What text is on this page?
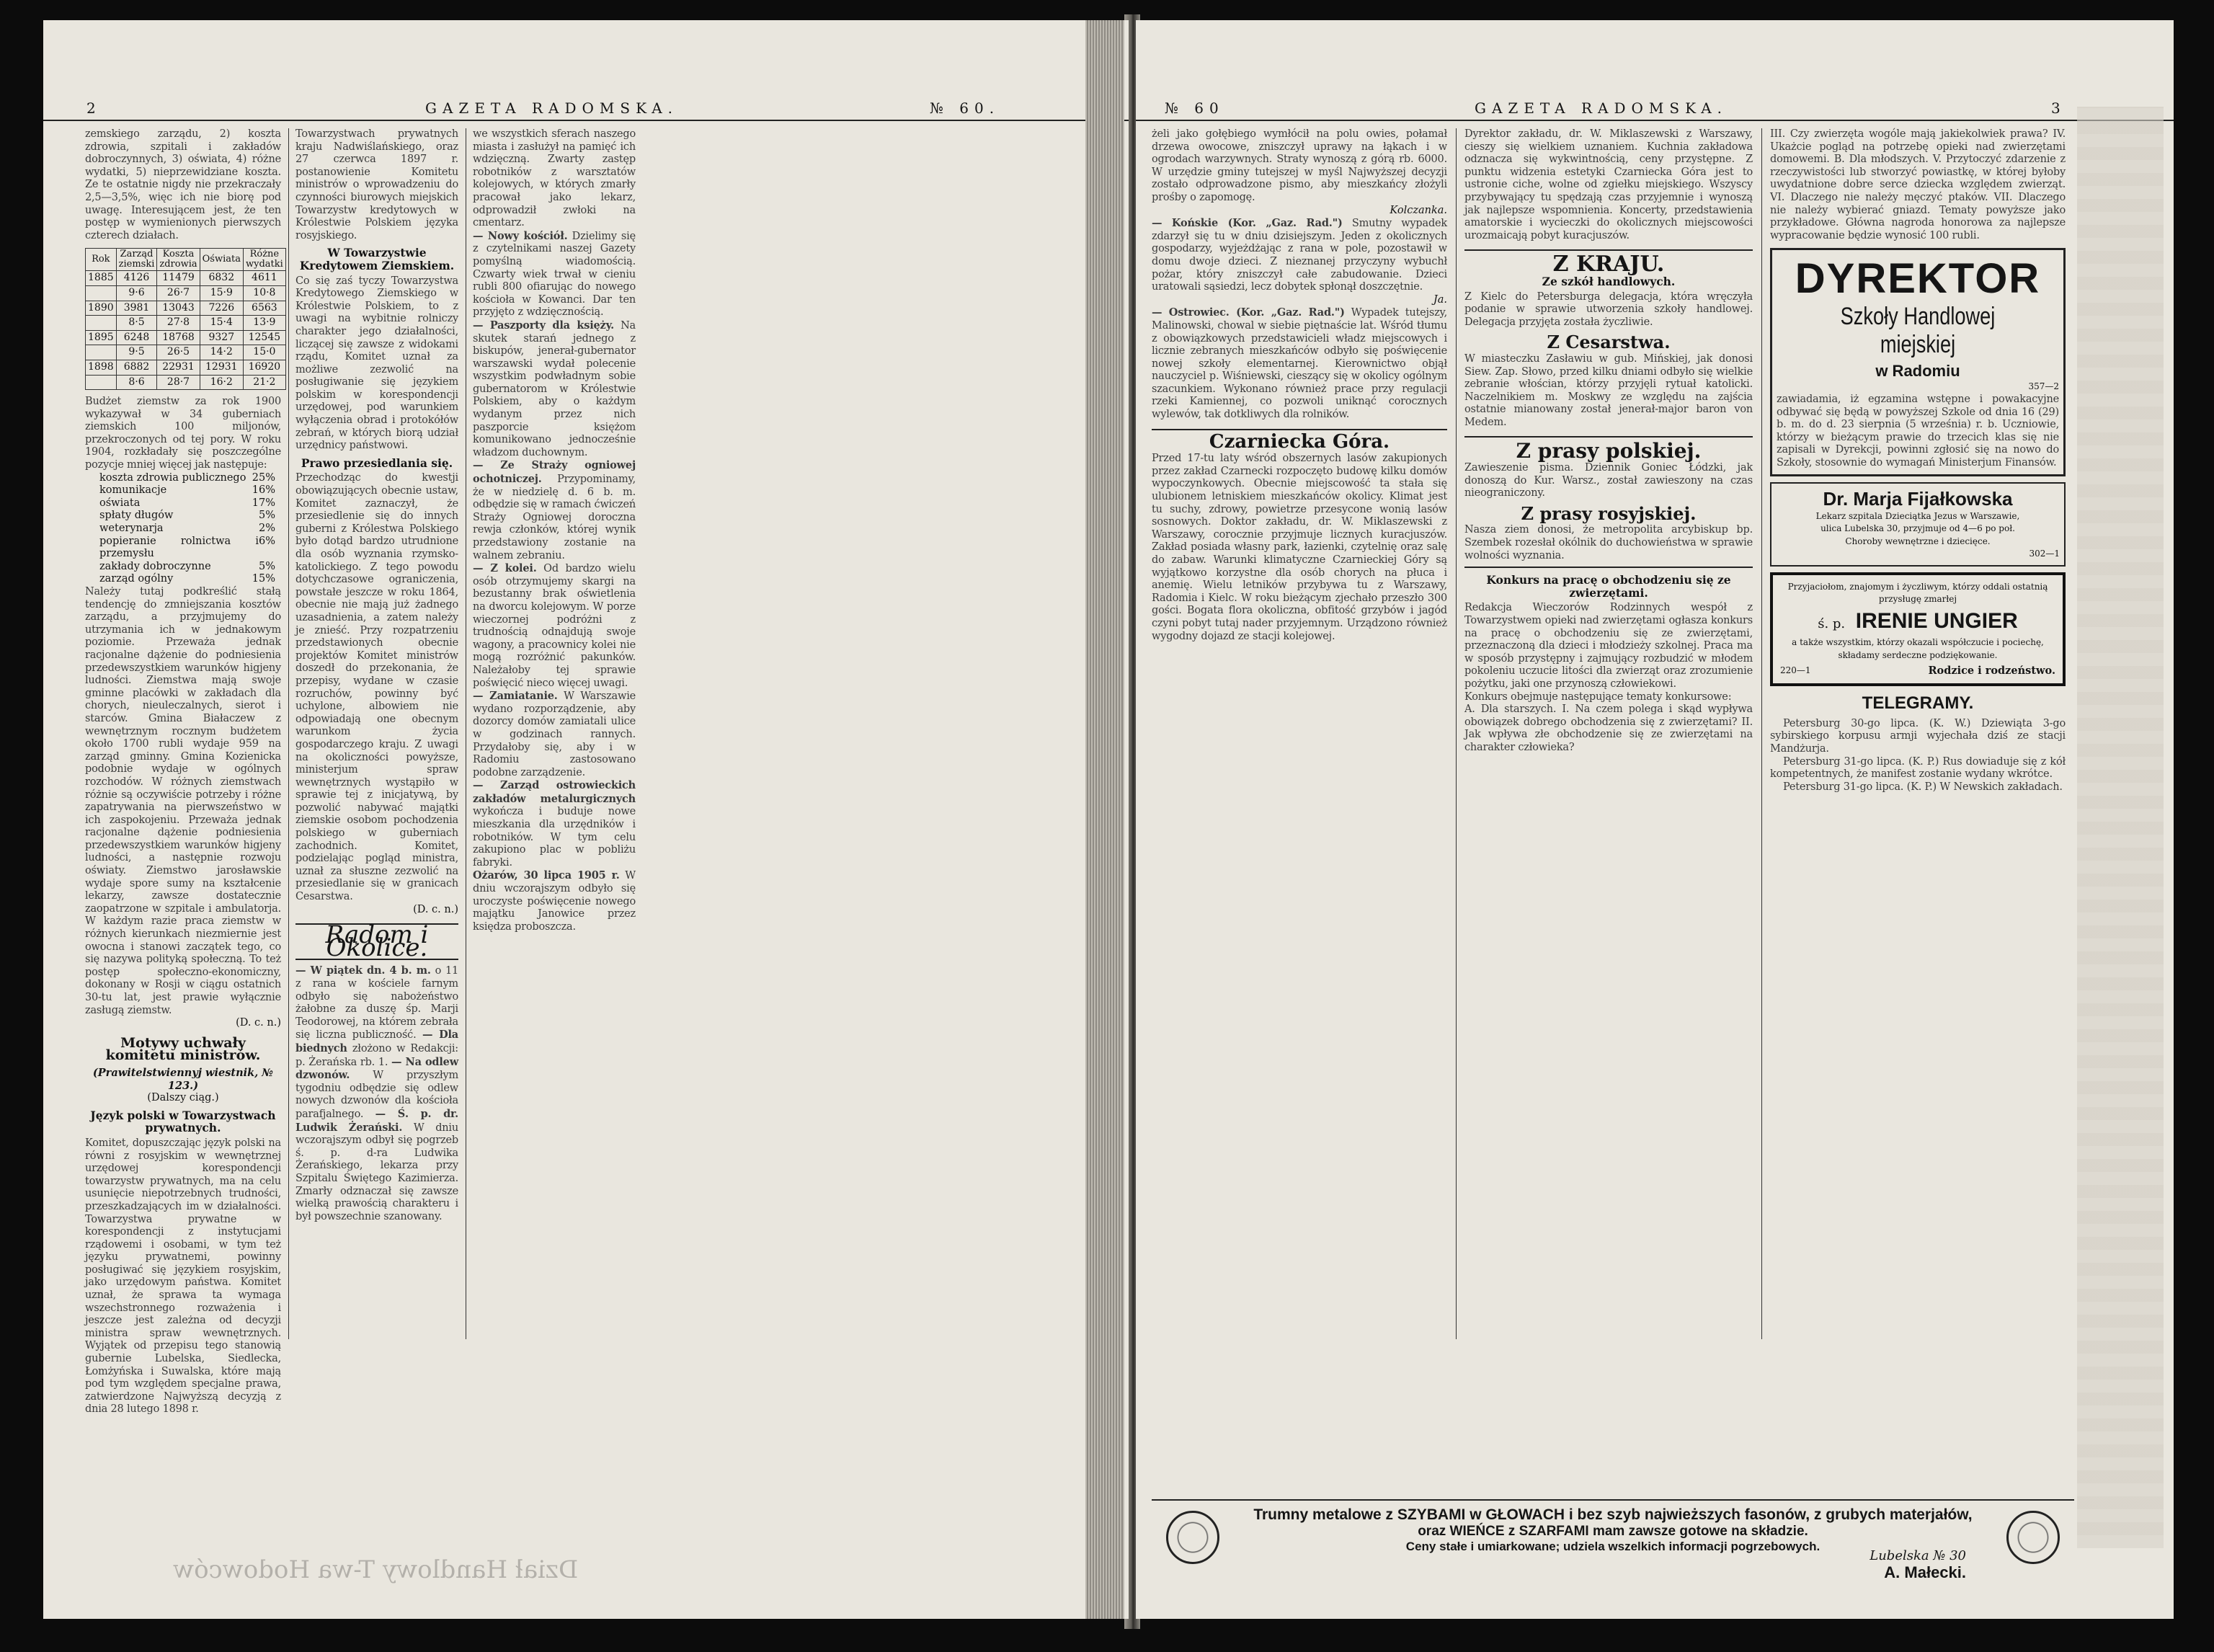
2	GAZETA RADOMSKA.	№ 60.
zemskiego zarządu, 2) koszta zdrowia, szpitali i zakładów dobroczynnych, 3) oświata, 4) różne wydatki, 5) nieprzewidziane koszta. Ze te ostatnie nigdy nie przekraczały 2,5—3,5%, więc ich nie biorę pod uwagę. Interesującem jest, że ten postęp w wymienionych pierwszych czterech działach.
Rok	Zarząd ziemski	Koszta zdrowia	Oświata	Różne wydatki
1885	4126	11479	6832	4611
	9·6	26·7	15·9	10·8
1890	3981	13043	7226	6563
	8·5	27·8	15·4	13·9
1895	6248	18768	9327	12545
	9·5	26·5	14·2	15·0
1898	6882	22931	12931	16920
	8·6	28·7	16·2	21·2
Budżet ziemstw za rok 1900 wykazywał w 34 guberniach ziemskich 100 miljonów, przekroczonych od tej pory. W roku 1904, rozkładały się poszczególne pozycje mniej więcej jak następuje:
koszta zdrowia publicznego 25%
komunikacje	16%
oświata	17%
spłaty długów	5%
weterynarja	2%
popieranie rolnictwa i przemysłu
6%
zakłady dobroczynne	5%
zarząd ogólny	15%
Należy tutaj podkreślić stałą tendencję do zmniejszania kosztów zarządu, a przyjmujemy do utrzymania ich w jednakowym poziomie. Przeważa jednak racjonalne dążenie do podniesienia przedewszystkiem warunków higjeny ludności. Ziemstwa mają swoje gminne placówki w zakładach dla chorych, nieuleczalnych, sierot i starców. Gmina Białaczew z wewnętrznym rocznym budżetem około 1700 rubli wydaje 959 na zarząd gminny. Gmina Kozienicka podobnie wydaje w ogólnych rozchodów. W różnych ziemstwach różnie są oczywiście potrzeby i różne zapatrywania na pierwszeństwo w ich zaspokojeniu. Przeważa jednak racjonalne dążenie podniesienia przedewszystkiem warunków higjeny ludności, a następnie rozwoju oświaty. Ziemstwo jarosławskie wydaje spore sumy na kształcenie lekarzy, zawsze dostatecznie zaopatrzone w szpitale i ambulatorja. W każdym razie praca ziemstw w różnych kierunkach niezmiernie jest owocna i stanowi zaczątek tego, co się nazywa polityką społeczną. To też postęp społeczno-ekonomiczny, dokonany w Rosji w ciągu ostatnich 30-tu lat, jest prawie wyłącznie zasługą ziemstw.
(D. c. n.)
Motywy uchwały komitetu ministrów.
(Prawitelstwiennyj wiestnik, № 123.)
(Dalszy ciąg.)
Język polski w Towarzystwach prywatnych.
Komitet, dopuszczając język polski na równi z rosyjskim w wewnętrznej urzędowej korespondencji towarzystw prywatnych, ma na celu usunięcie niepotrzebnych trudności, przeszkadzających im w działalności. Towarzystwa prywatne w korespondencji z instytucjami rządowemi i osobami, w tym też języku prywatnemi, powinny posługiwać się językiem rosyjskim, jako urzędowym państwa. Komitet uznał, że sprawa ta wymaga wszechstronnego rozważenia i jeszcze jest zależna od decyzji ministra spraw wewnętrznych. Wyjątek od przepisu tego stanowią gubernie Lubelska, Siedlecka, Łomżyńska i Suwalska, które mają pod tym względem specjalne prawa, zatwierdzone Najwyższą decyzją z dnia 28 lutego 1898 r.
Towarzystwach prywatnych kraju Nadwiślańskiego, oraz 27 czerwca 1897 r. postanowienie Komitetu ministrów o wprowadzeniu do czynności biurowych miejskich Towarzystw kredytowych w Królestwie Polskiem języka rosyjskiego.
W Towarzystwie Kredytowem Ziemskiem.
Co się zaś tyczy Towarzystwa Kredytowego Ziemskiego w Królestwie Polskiem, to z uwagi na wybitnie rolniczy charakter jego działalności, liczącej się zawsze z widokami rządu, Komitet uznał za możliwe zezwolić na posługiwanie się językiem polskim w korespondencji urzędowej, pod warunkiem wyłączenia obrad i protokółów zebrań, w których biorą udział urzędnicy państwowi.
Prawo przesiedlania się.
Przechodząc do kwestji obowiązujących obecnie ustaw, Komitet zaznaczył, że przesiedlenie się do innych guberni z Królestwa Polskiego było dotąd bardzo utrudnione dla osób wyznania rzymsko-katolickiego. Z tego powodu dotychczasowe ograniczenia, powstałe jeszcze w roku 1864, obecnie nie mają już żadnego uzasadnienia, a zatem należy je znieść. Przy rozpatrzeniu przedstawionych obecnie projektów Komitet ministrów doszedł do przekonania, że przepisy, wydane w czasie rozruchów, powinny być uchylone, albowiem nie odpowiadają one obecnym warunkom życia gospodarczego kraju. Z uwagi na okoliczności powyższe, ministerjum spraw wewnętrznych wystąpiło w sprawie tej z inicjatywą, by pozwolić nabywać majątki ziemskie osobom pochodzenia polskiego w guberniach zachodnich. Komitet, podzielając pogląd ministra, uznał za słuszne zezwolić na przesiedlanie się w granicach Cesarstwa.
(D. c. n.)
Radom i Okolice.
— W piątek dn. 4 b. m. o 11 z rana w kościele farnym odbyło się nabożeństwo żałobne za duszę śp. Marji Teodorowej, na którem zebrała się liczna publiczność. — Dla biednych złożono w Redakcji: p. Żerańska rb. 1. — Na odlew dzwonów. W przyszłym tygodniu odbędzie się odlew nowych dzwonów dla kościoła parafjalnego. — Ś. p. dr. Ludwik Żerański. W dniu wczorajszym odbył się pogrzeb ś. p. d-ra Ludwika Żerańskiego, lekarza przy Szpitalu Świętego Kazimierza. Zmarły odznaczał się zawsze wielką prawością charakteru i był powszechnie szanowany.
we wszystkich sferach naszego miasta i zasłużył na pamięć ich wdzięczną. Zwarty zastęp robotników z warsztatów kolejowych, w których zmarły pracował jako lekarz, odprowadził zwłoki na cmentarz.
— Nowy kościół. Dzielimy się z czytelnikami naszej Gazety pomyślną wiadomością. Czwarty wiek trwał w cieniu rubli 800 ofiarując do nowego kościoła w Kowanci. Dar ten przyjęto z wdzięcznością.
— Paszporty dla księży. Na skutek starań jednego z biskupów, jenerał-gubernator warszawski wydał polecenie wszystkim podwładnym sobie gubernatorom w Królestwie Polskiem, aby o każdym wydanym przez nich paszporcie księżom komunikowano jednocześnie władzom duchownym.
— Ze Straży ogniowej ochotniczej. Przypominamy, że w niedzielę d. 6 b. m. odbędzie się w ramach ćwiczeń Straży Ogniowej doroczna rewja członków, której wynik przedstawiony zostanie na walnem zebraniu.
— Z kolei. Od bardzo wielu osób otrzymujemy skargi na bezustanny brak oświetlenia na dworcu kolejowym. W porze wieczornej podróżni z trudnością odnajdują swoje wagony, a pracownicy kolei nie mogą rozróżnić pakunków. Należałoby tej sprawie poświęcić nieco więcej uwagi.
— Zamiatanie. W Warszawie wydano rozporządzenie, aby dozorcy domów zamiatali ulice w godzinach rannych. Przydałoby się, aby i w Radomiu zastosowano podobne zarządzenie.
— Zarząd ostrowieckich zakładów metalurgicznych wykończa i buduje nowe mieszkania dla urzędników i robotników. W tym celu zakupiono plac w pobliżu fabryki.
Ożarów, 30 lipca 1905 r. W dniu wczorajszym odbyło się uroczyste poświęcenie nowego majątku Janowice przez księdza proboszcza.
Dział Handlowy T-wa Hodowców
№ 60	GAZETA RADOMSKA.	3
żeli jako gołębiego wymłócił na polu owies, połamał drzewa owocowe, zniszczył uprawy na łąkach i w ogrodach warzywnych. Straty wynoszą z górą rb. 6000. W urzędzie gminy tutejszej w myśl Najwyższej decyzji zostało odprowadzone pismo, aby mieszkańcy złożyli prośby o zapomogę.
Kolczanka.
— Końskie (Kor. „Gaz. Rad.") Smutny wypadek zdarzył się tu w dniu dzisiejszym. Jeden z okolicznych gospodarzy, wyjeżdżając z rana w pole, pozostawił w domu dwoje dzieci. Z nieznanej przyczyny wybuchł pożar, który zniszczył całe zabudowanie. Dzieci uratowali sąsiedzi, lecz dobytek spłonął doszczętnie.
Ja.
— Ostrowiec. (Kor. „Gaz. Rad.") Wypadek tutejszy, Malinowski, chowal w siebie piętnaście lat. Wśród tłumu z obowiązkowych przedstawicieli władz miejscowych i licznie zebranych mieszkańców odbyło się poświęcenie nowej szkoły elementarnej. Kierownictwo objął nauczyciel p. Wiśniewski, cieszący się w okolicy ogólnym szacunkiem. Wykonano również prace przy regulacji rzeki Kamiennej, co pozwoli uniknąć corocznych wylewów, tak dotkliwych dla rolników.
Czarniecka Góra.
Przed 17-tu laty wśród obszernych lasów zakupionych przez zakład Czarnecki rozpoczęto budowę kilku domów wypoczynkowych. Obecnie miejscowość ta stała się ulubionem letniskiem mieszkańców okolicy. Klimat jest tu suchy, zdrowy, powietrze przesycone wonią lasów sosnowych. Doktor zakładu, dr. W. Miklaszewski z Warszawy, corocznie przyjmuje licznych kuracjuszów. Zakład posiada własny park, łazienki, czytelnię oraz salę do zabaw. Warunki klimatyczne Czarnieckiej Góry są wyjątkowo korzystne dla osób chorych na płuca i anemię. Wielu letników przybywa tu z Warszawy, Radomia i Kielc. W roku bieżącym zjechało przeszło 300 gości. Bogata flora okoliczna, obfitość grzybów i jagód czyni pobyt tutaj nader przyjemnym. Urządzono również wygodny dojazd ze stacji kolejowej.
Dyrektor zakładu, dr. W. Miklaszewski z Warszawy, cieszy się wielkiem uznaniem. Kuchnia zakładowa odznacza się wykwintnością, ceny przystępne. Z punktu widzenia estetyki Czarniecka Góra jest to ustronie ciche, wolne od zgiełku miejskiego. Wszyscy przybywający tu spędzają czas przyjemnie i wynoszą jak najlepsze wspomnienia. Koncerty, przedstawienia amatorskie i wycieczki do okolicznych miejscowości urozmaicają pobyt kuracjuszów.
Z KRAJU.
Ze szkół handlowych.
Z Kielc do Petersburga delegacja, która wręczyła podanie w sprawie utworzenia szkoły handlowej. Delegacja przyjęta została życzliwie.
Z Cesarstwa.
W miasteczku Zasławiu w gub. Mińskiej, jak donosi Siew. Zap. Słowo, przed kilku dniami odbyło się wielkie zebranie włościan, którzy przyjęli rytuał katolicki. Naczelnikiem m. Moskwy ze względu na zajścia ostatnie mianowany został jenerał-major baron von Medem.
Z prasy polskiej.
Zawieszenie pisma. Dziennik Goniec Łódzki, jak donoszą do Kur. Warsz., został zawieszony na czas nieograniczony.
Z prasy rosyjskiej.
Nasza ziem donosi, że metropolita arcybiskup bp. Szembek rozesłał okólnik do duchowieństwa w sprawie wolności wyznania.
Konkurs na pracę o obchodzeniu się ze zwierzętami.
Redakcja Wieczorów Rodzinnych wespół z Towarzystwem opieki nad zwierzętami ogłasza konkurs na pracę o obchodzeniu się ze zwierzętami, przeznaczoną dla dzieci i młodzieży szkolnej. Praca ma w sposób przystępny i zajmujący rozbudzić w młodem pokoleniu uczucie litości dla zwierząt oraz zrozumienie pożytku, jaki one przynoszą człowiekowi.
Konkurs obejmuje następujące tematy konkursowe:
A. Dla starszych. I. Na czem polega i skąd wypływa obowiązek dobrego obchodzenia się z zwierzętami? II. Jak wpływa złe obchodzenie się ze zwierzętami na charakter człowieka?
III. Czy zwierzęta wogóle mają jakiekolwiek prawa? IV. Ukażcie pogląd na potrzebę opieki nad zwierzętami domowemi. B. Dla młodszych. V. Przytoczyć zdarzenie z rzeczywistości lub stworzyć powiastkę, w której byłoby uwydatnione dobre serce dziecka względem zwierząt. VI. Dlaczego nie należy męczyć ptaków. VII. Dlaczego nie należy wybierać gniazd. Tematy powyższe jako przykładowe. Główna nagroda honorowa za najlepsze wypracowanie będzie wynosić 100 rubli.
DYREKTOR
Szkoły Handlowej miejskiej
w Radomiu
357—2
zawiadamia, iż egzamina wstępne i powakacyjne odbywać się będą w powyższej Szkole od dnia 16 (29) b. m. do d. 23 sierpnia (5 września) r. b. Uczniowie, którzy w bieżącym prawie do trzecich klas się nie zapisali w Dyrekcji, powinni zgłosić się na nowo do Szkoły, stosownie do wymagań Ministerjum Finansów.
Dr. Marja Fijałkowska
Lekarz szpitala Dzieciątka Jezus w Warszawie,
ulica Lubelska 30, przyjmuje od 4—6 po poł.
Choroby wewnętrzne i dziecięce.
302—1
Przyjaciołom, znajomym i życzliwym, którzy oddali ostatnią przysługę zmarłej
ś. p. IRENIE UNGIER
a także wszystkim, którzy okazali współczucie i pociechę, składamy serdeczne podziękowanie.
220—1	Rodzice i rodzeństwo.
TELEGRAMY.
Petersburg 30-go lipca. (K. W.) Dziewiąta 3-go sybirskiego korpusu armji wyjechała dziś ze stacji Mandżurja.
Petersburg 31-go lipca. (K. P.) Rus dowiaduje się z kół kompetentnych, że manifest zostanie wydany wkrótce.
Petersburg 31-go lipca. (K. P.) W Newskich zakładach.
Trumny metalowe z SZYBAMI w GŁOWACH i bez szyb najwieższych fasonów, z grubych materjałów,
oraz WIEŃCE z SZARFAMI mam zawsze gotowe na składzie.
Ceny stałe i umiarkowane; udziela wszelkich informacji pogrzebowych.
Lubelska № 30
A. Małecki.
